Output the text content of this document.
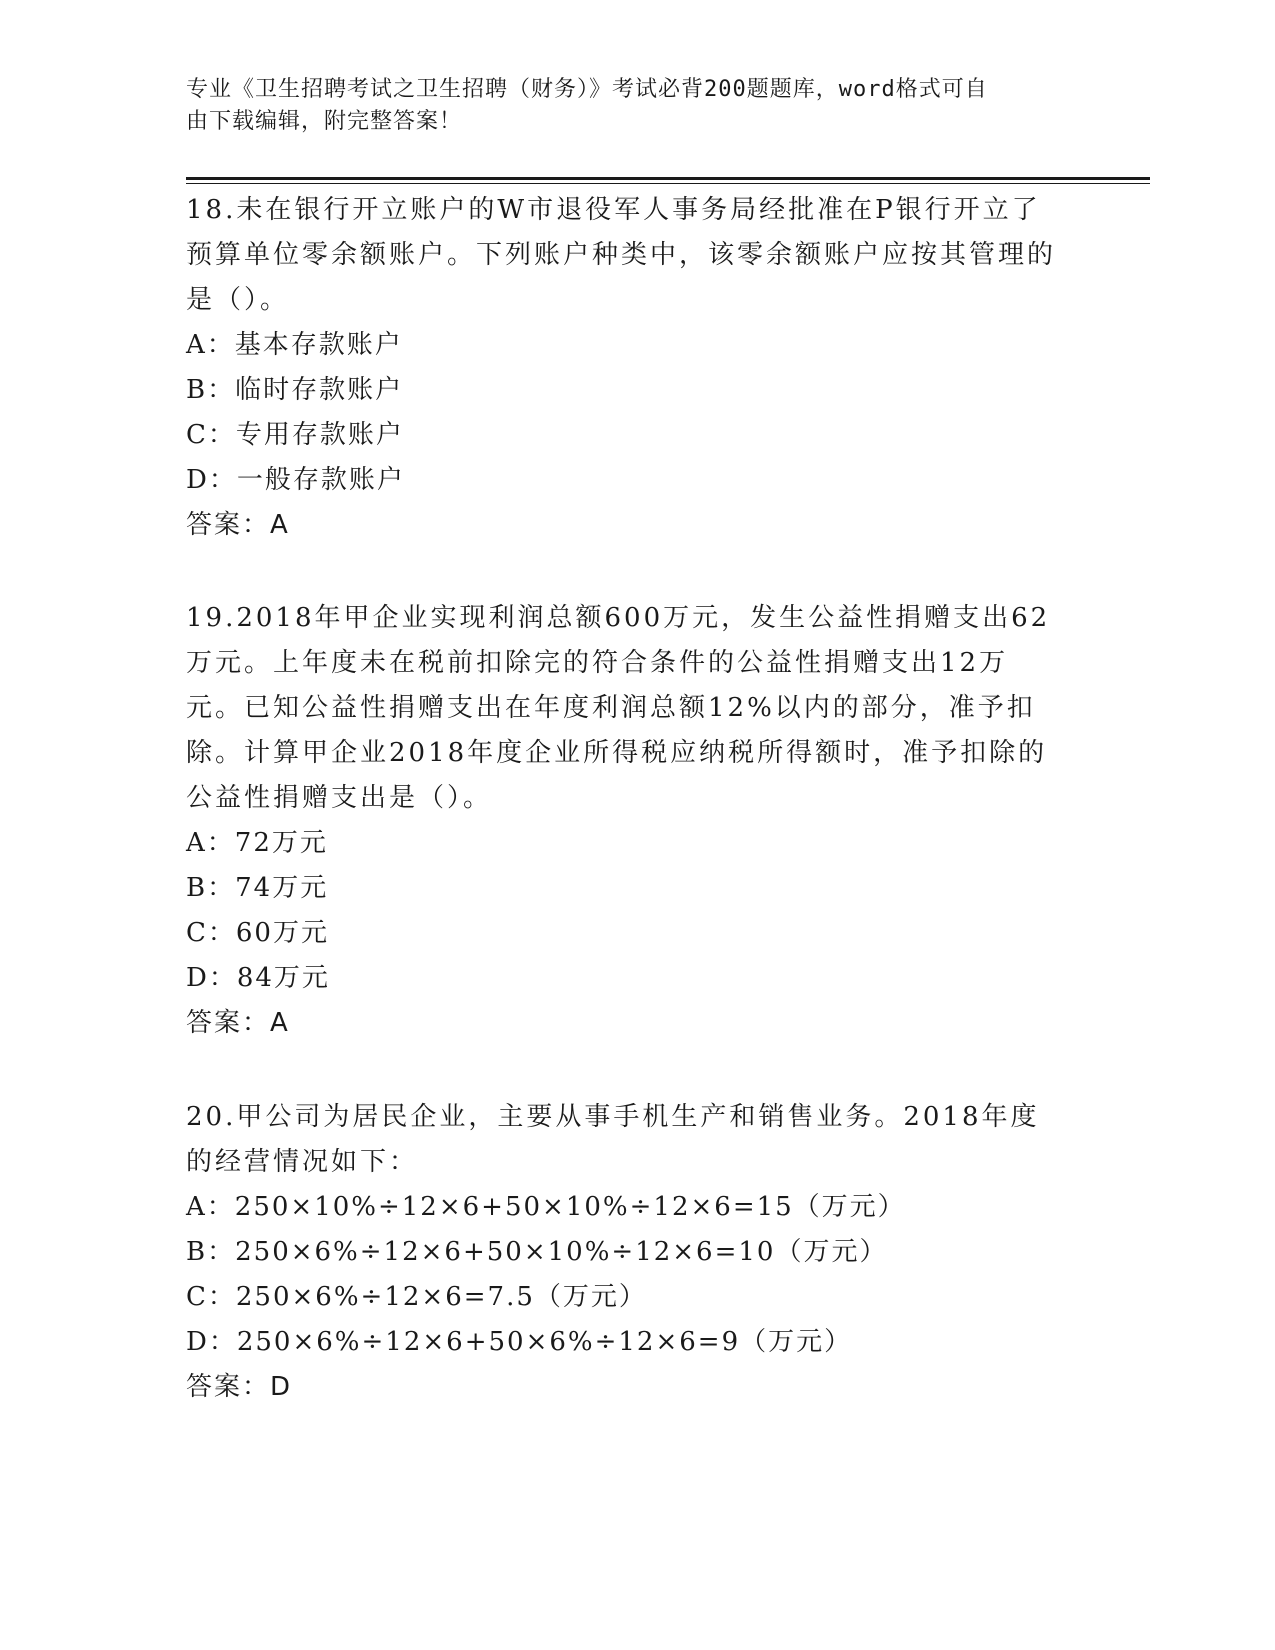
专业《卫生招聘考试之卫生招聘（财务）》考试必背200题题库，word格式可自
由下载编辑，附完整答案！

18.未在银行开立账户的W市退役军人事务局经批准在P银行开立了预算单位零余额账户。下列账户种类中，该零余额账户应按其管理的是（）。

A：基本存款账户

B：临时存款账户

C：专用存款账户

D：一般存款账户

答案：A

19.2018年甲企业实现利润总额600万元，发生公益性捐赠支出62万元。上年度未在税前扣除完的符合条件的公益性捐赠支出12万元。已知公益性捐赠支出在年度利润总额12%以内的部分，准予扣除。计算甲企业2018年度企业所得税应纳税所得额时，准予扣除的公益性捐赠支出是（）。

A：72万元

B：74万元

C：60万元

D：84万元

答案：A

20.甲公司为居民企业，主要从事手机生产和销售业务。2018年度的经营情况如下：

A：250×10%÷12×6+50×10%÷12×6=15（万元）

B：250×6%÷12×6+50×10%÷12×6=10（万元）

C：250×6%÷12×6=7.5（万元）

D：250×6%÷12×6+50×6%÷12×6=9（万元）

答案：D
